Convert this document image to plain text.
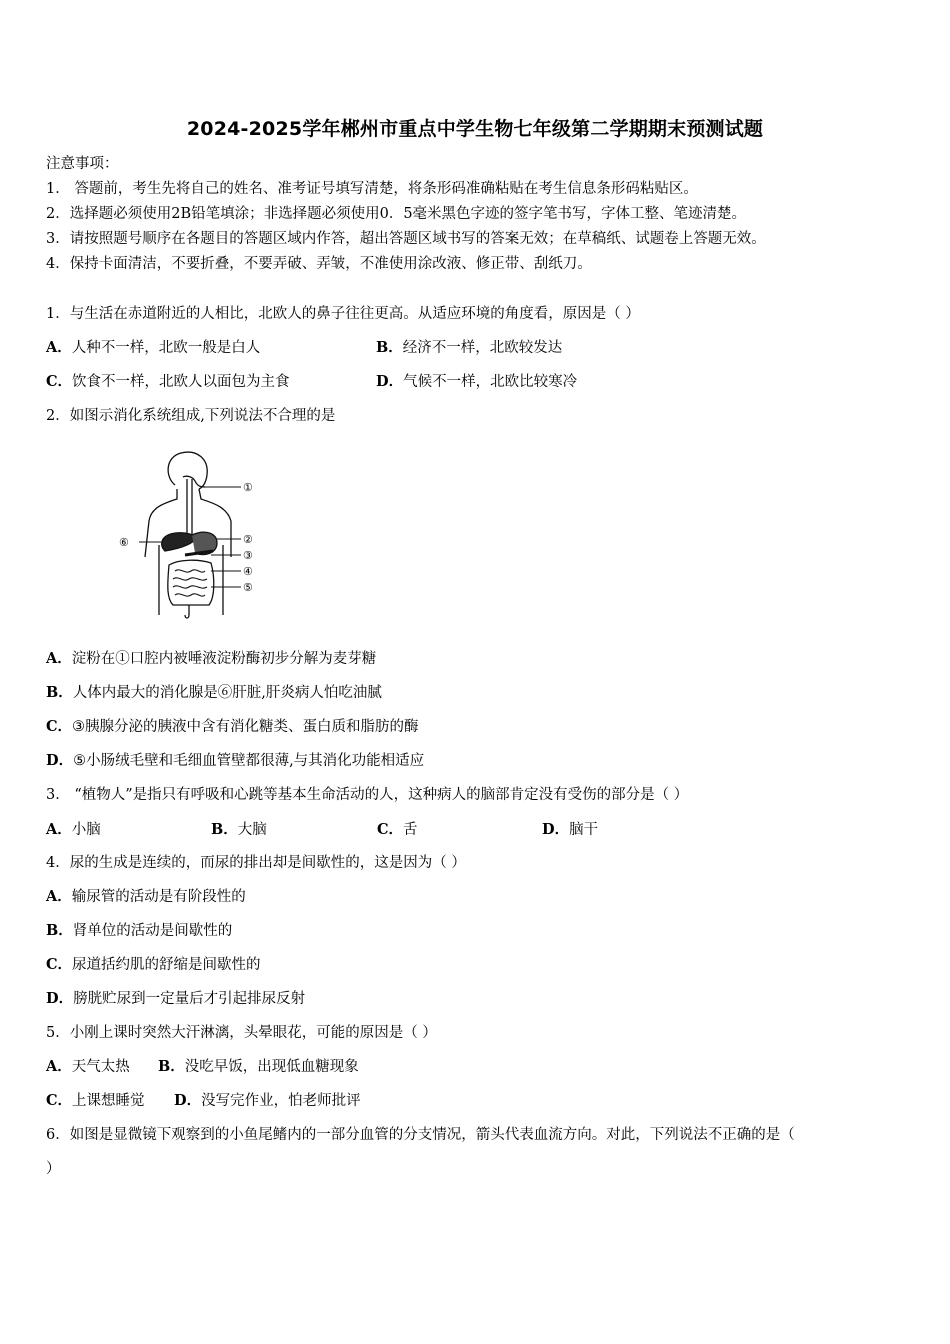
2024-2025学年郴州市重点中学生物七年级第二学期期末预测试题
注意事项：
1． 答题前，考生先将自己的姓名、准考证号填写清楚，将条形码准确粘贴在考生信息条形码粘贴区。
2．选择题必须使用2B铅笔填涂；非选择题必须使用0．5毫米黑色字迹的签字笔书写，字体工整、笔迹清楚。
3．请按照题号顺序在各题目的答题区域内作答，超出答题区域书写的答案无效；在草稿纸、试题卷上答题无效。
4．保持卡面清洁，不要折叠，不要弄破、弄皱，不准使用涂改液、修正带、刮纸刀。
1．与生活在赤道附近的人相比，北欧人的鼻子往往更高。从适应环境的角度看，原因是（ ）
A．人种不一样，北欧一般是白人	B．经济不一样，北欧较发达
C．饮食不一样，北欧人以面包为主食	D．气候不一样，北欧比较寒冷
2．如图示消化系统组成,下列说法不合理的是
①
②
③
④
⑤
⑥
A．淀粉在①口腔内被唾液淀粉酶初步分解为麦芽糖
B．人体内最大的消化腺是⑥肝脏,肝炎病人怕吃油腻
C．③胰腺分泌的胰液中含有消化糖类、蛋白质和脂肪的酶
D．⑤小肠绒毛壁和毛细血管壁都很薄,与其消化功能相适应
3． “植物人”是指只有呼吸和心跳等基本生命活动的人，这种病人的脑部肯定没有受伤的部分是（ ）
A．小脑	B．大脑	C．舌	D．脑干
4．尿的生成是连续的，而尿的排出却是间歇性的，这是因为（ ）
A．输尿管的活动是有阶段性的
B．肾单位的活动是间歇性的
C．尿道括约肌的舒缩是间歇性的
D．膀胱贮尿到一定量后才引起排尿反射
5．小刚上课时突然大汗淋漓，头晕眼花，可能的原因是（ ）
A．天气太热 B．没吃早饭，出现低血糖现象
C．上课想睡觉 D．没写完作业，怕老师批评
6．如图是显微镜下观察到的小鱼尾鳍内的一部分血管的分支情况，箭头代表血流方向。对此，下列说法不正确的是（
）
